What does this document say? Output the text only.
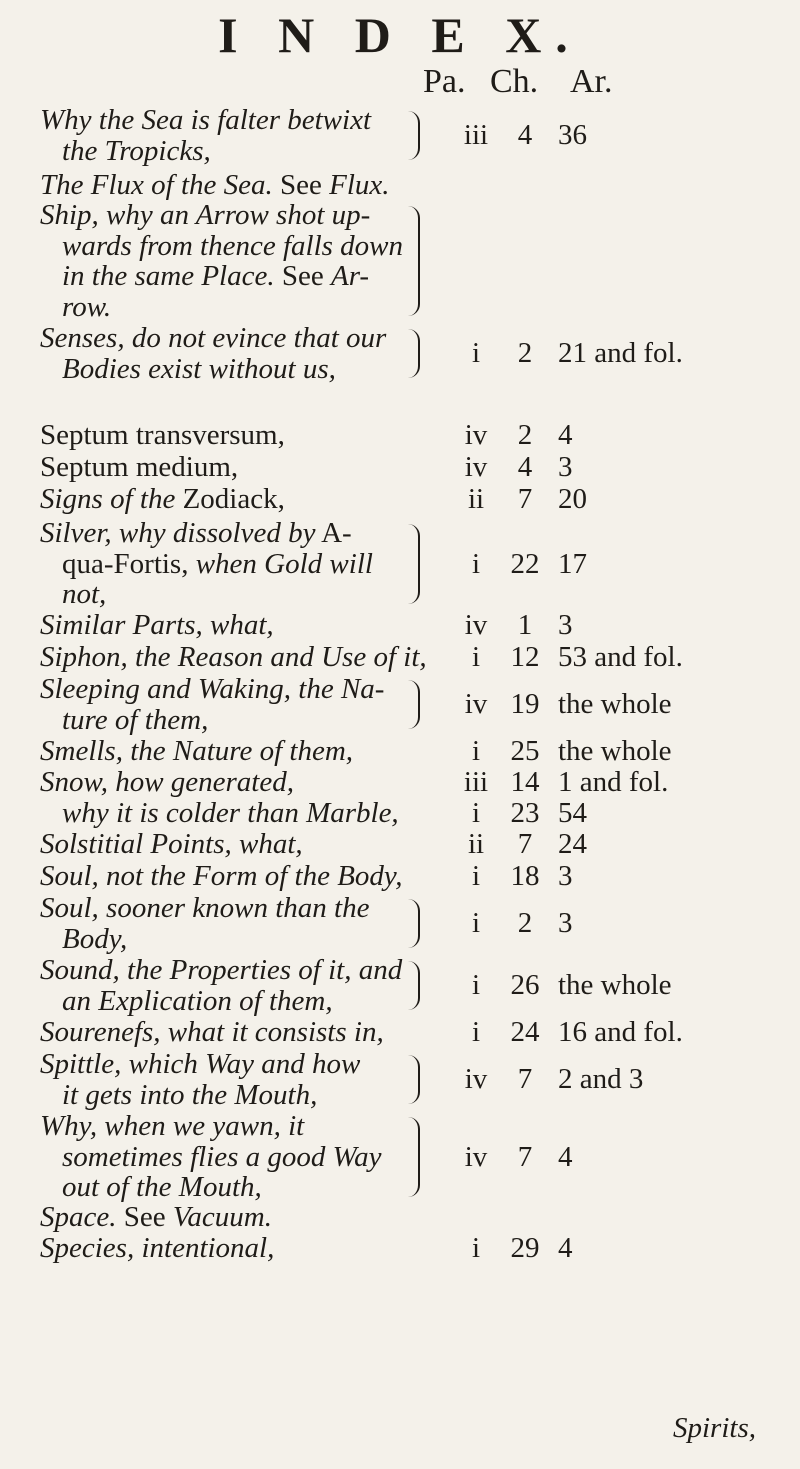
I N D E X.
Pa. Ch. Ar.
Why the Sea is falter betwixt
the Tropicks,	iii	4 36
The Flux of the Sea. See Flux.
Ship, why an Arrow shot up-
wards from thence falls down
in the same Place. See Ar-
row.
Senses, do not evince that our
Bodies exist without us,	i	2 21 and fol.
Septum transversum,	iv	2 4
Septum medium,	iv	4 3
Signs of the Zodiack,	ii	7 20
Silver, why dissolved by A-
qua-Fortis, when Gold will
not,
i	22 17
Similar Parts, what,	iv	1 3
Siphon, the Reason and Use of it,	i	12 53 and fol.
Sleeping and Waking, the Na-
ture of them,	iv 19 the whole
Smells, the Nature of them,	i	25 the whole
Snow, how generated,	iii 14 1 and fol.
why it is colder than Marble,	i	23 54
Solstitial Points, what,	ii	7 24
Soul, not the Form of the Body,	i	18 3
Soul, sooner known than the
Body,	i	2 3
Sound, the Properties of it, and
an Explication of them,	i	26 the whole
Sourenefs, what it consists in,	i	24 16 and fol.
Spittle, which Way and how
it gets into the Mouth,	iv	7 2 and 3
Why, when we yawn, it
sometimes flies a good Way
out of the Mouth,
iv	7 4
Space. See Vacuum.
Species, intentional,	i	29 4
Spirits,
